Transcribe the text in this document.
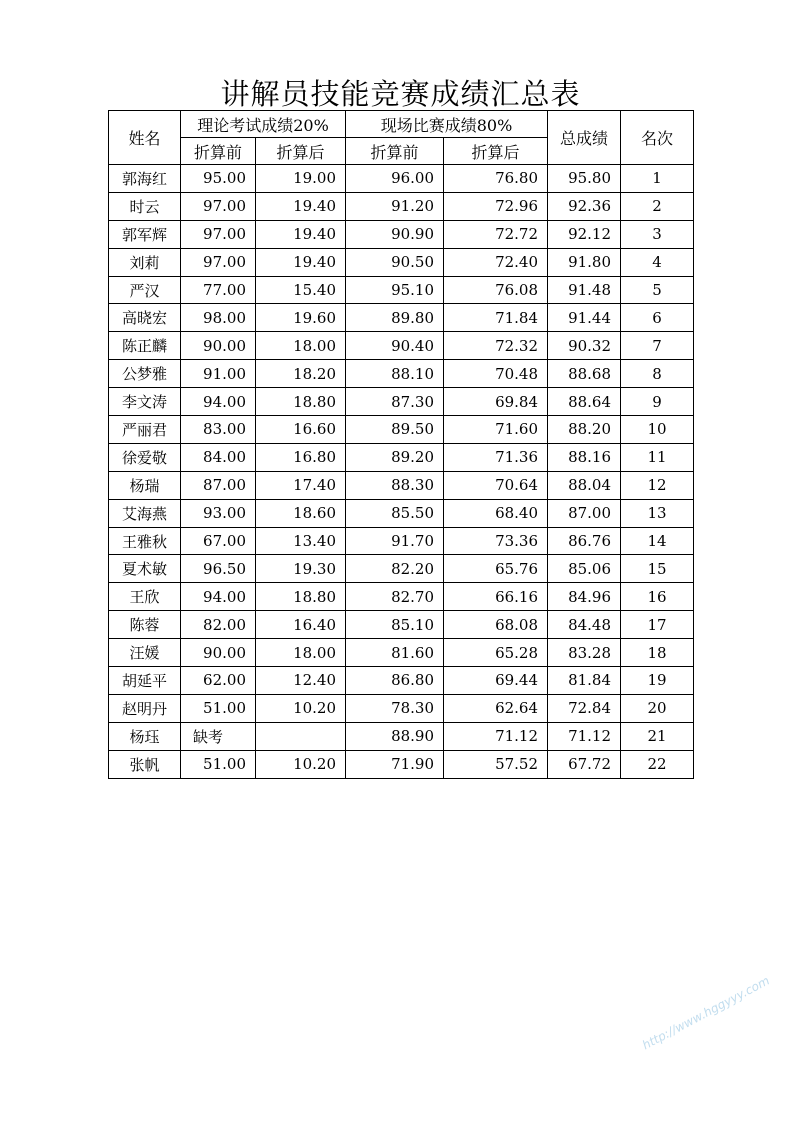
讲解员技能竞赛成绩汇总表
姓名	理论考试成绩20%		现场比赛成绩80%		总成绩	名次
	折算前	折算后	折算前	折算后		
郭海红	95.00	19.00	96.00	76.80	95.80	1
时云	97.00	19.40	91.20	72.96	92.36	2
郭军辉	97.00	19.40	90.90	72.72	92.12	3
刘莉	97.00	19.40	90.50	72.40	91.80	4
严汉	77.00	15.40	95.10	76.08	91.48	5
高晓宏	98.00	19.60	89.80	71.84	91.44	6
陈正麟	90.00	18.00	90.40	72.32	90.32	7
公梦雅	91.00	18.20	88.10	70.48	88.68	8
李文涛	94.00	18.80	87.30	69.84	88.64	9
严丽君	83.00	16.60	89.50	71.60	88.20	10
徐爱敬	84.00	16.80	89.20	71.36	88.16	11
杨瑞	87.00	17.40	88.30	70.64	88.04	12
艾海燕	93.00	18.60	85.50	68.40	87.00	13
王雅秋	67.00	13.40	91.70	73.36	86.76	14
夏术敏	96.50	19.30	82.20	65.76	85.06	15
王欣	94.00	18.80	82.70	66.16	84.96	16
陈蓉	82.00	16.40	85.10	68.08	84.48	17
汪媛	90.00	18.00	81.60	65.28	83.28	18
胡延平	62.00	12.40	86.80	69.44	81.84	19
赵明丹	51.00	10.20	78.30	62.64	72.84	20
杨珏	缺考		88.90	71.12	71.12	21
张帆	51.00	10.20	71.90	57.52	67.72	22
http://www.hggyyy.com
